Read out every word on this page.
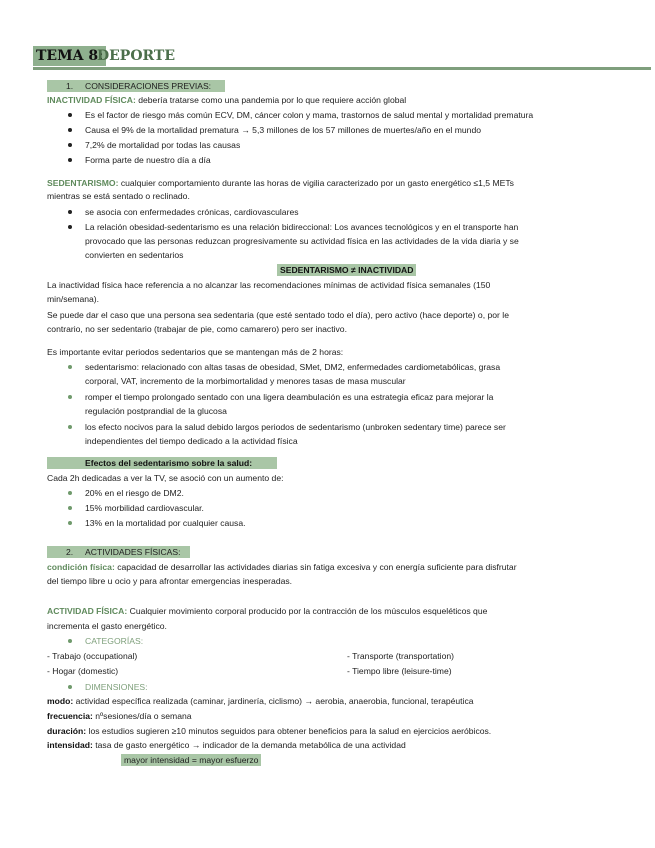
TEMA 8:
DEPORTE
1. CONSIDERACIONES PREVIAS:

INACTIVIDAD FÍSICA: debería tratarse como una pandemia por lo que requiere acción global
Es el factor de riesgo más común ECV, DM, cáncer colon y mama, trastornos de salud mental y mortalidad prematura
Causa el 9% de la mortalidad prematura → 5,3 millones de los 57 millones de muertes/año en el mundo
7,2% de mortalidad por todas las causas
Forma parte de nuestro día a día
SEDENTARISMO: cualquier comportamiento durante las horas de vigilia caracterizado por un gasto energético ≤1,5 METs
mientras se está sentado o reclinado.
se asocia con enfermedades crónicas, cardiovasculares
La relación obesidad-sedentarismo es una relación bidireccional: Los avances tecnológicos y en el transporte han
provocado que las personas reduzcan progresivamente su actividad física en las actividades de la vida diaria y se
convierten en sedentarios
SEDENTARISMO ≠ INACTIVIDAD
La inactividad física hace referencia a no alcanzar las recomendaciones mínimas de actividad física semanales (150
min/semana).
Se puede dar el caso que una persona sea sedentaria (que esté sentado todo el día), pero activo (hace deporte) o, por le
contrario, no ser sedentario (trabajar de pie, como camarero) pero ser inactivo.
Es importante evitar periodos sedentarios que se mantengan más de 2 horas:
sedentarismo: relacionado con altas tasas de obesidad, SMet, DM2, enfermedades cardiometabólicas, grasa
corporal, VAT, incremento de la morbimortalidad y menores tasas de masa muscular
romper el tiempo prolongado sentado con una ligera deambulación es una estrategia eficaz para mejorar la
regulación postprandial de la glucosa
los efecto nocivos para la salud debido largos periodos de sedentarismo (unbroken sedentary time) parece ser
independientes del tiempo dedicado a la actividad física
Efectos del sedentarismo sobre la salud:
Cada 2h dedicadas a ver la TV, se asoció con un aumento de:
20% en el riesgo de DM2.
15% morbilidad cardiovascular.
13% en la mortalidad por cualquier causa.
2. ACTIVIDADES FÍSICAS:

condición física: capacidad de desarrollar las actividades diarias sin fatiga excesiva y con energía suficiente para disfrutar
del tiempo libre u ocio y para afrontar emergencias inesperadas.
ACTIVIDAD FÍSICA: Cualquier movimiento corporal producido por la contracción de los músculos esqueléticos que
incrementa el gasto energético.
CATEGORÍAS:
- Trabajo (occupational)	- Transporte (transportation)
- Hogar (domestic)	- Tiempo libre (leisure-time)
DIMENSIONES:
modo: actividad específica realizada (caminar, jardinería, ciclismo) → aerobia, anaerobia, funcional, terapéutica
frecuencia: nºsesiones/día o semana
duración: los estudios sugieren ≥10 minutos seguidos para obtener beneficios para la salud en ejercicios aeróbicos.
intensidad: tasa de gasto energético → indicador de la demanda metabólica de una actividad
mayor intensidad = mayor esfuerzo
